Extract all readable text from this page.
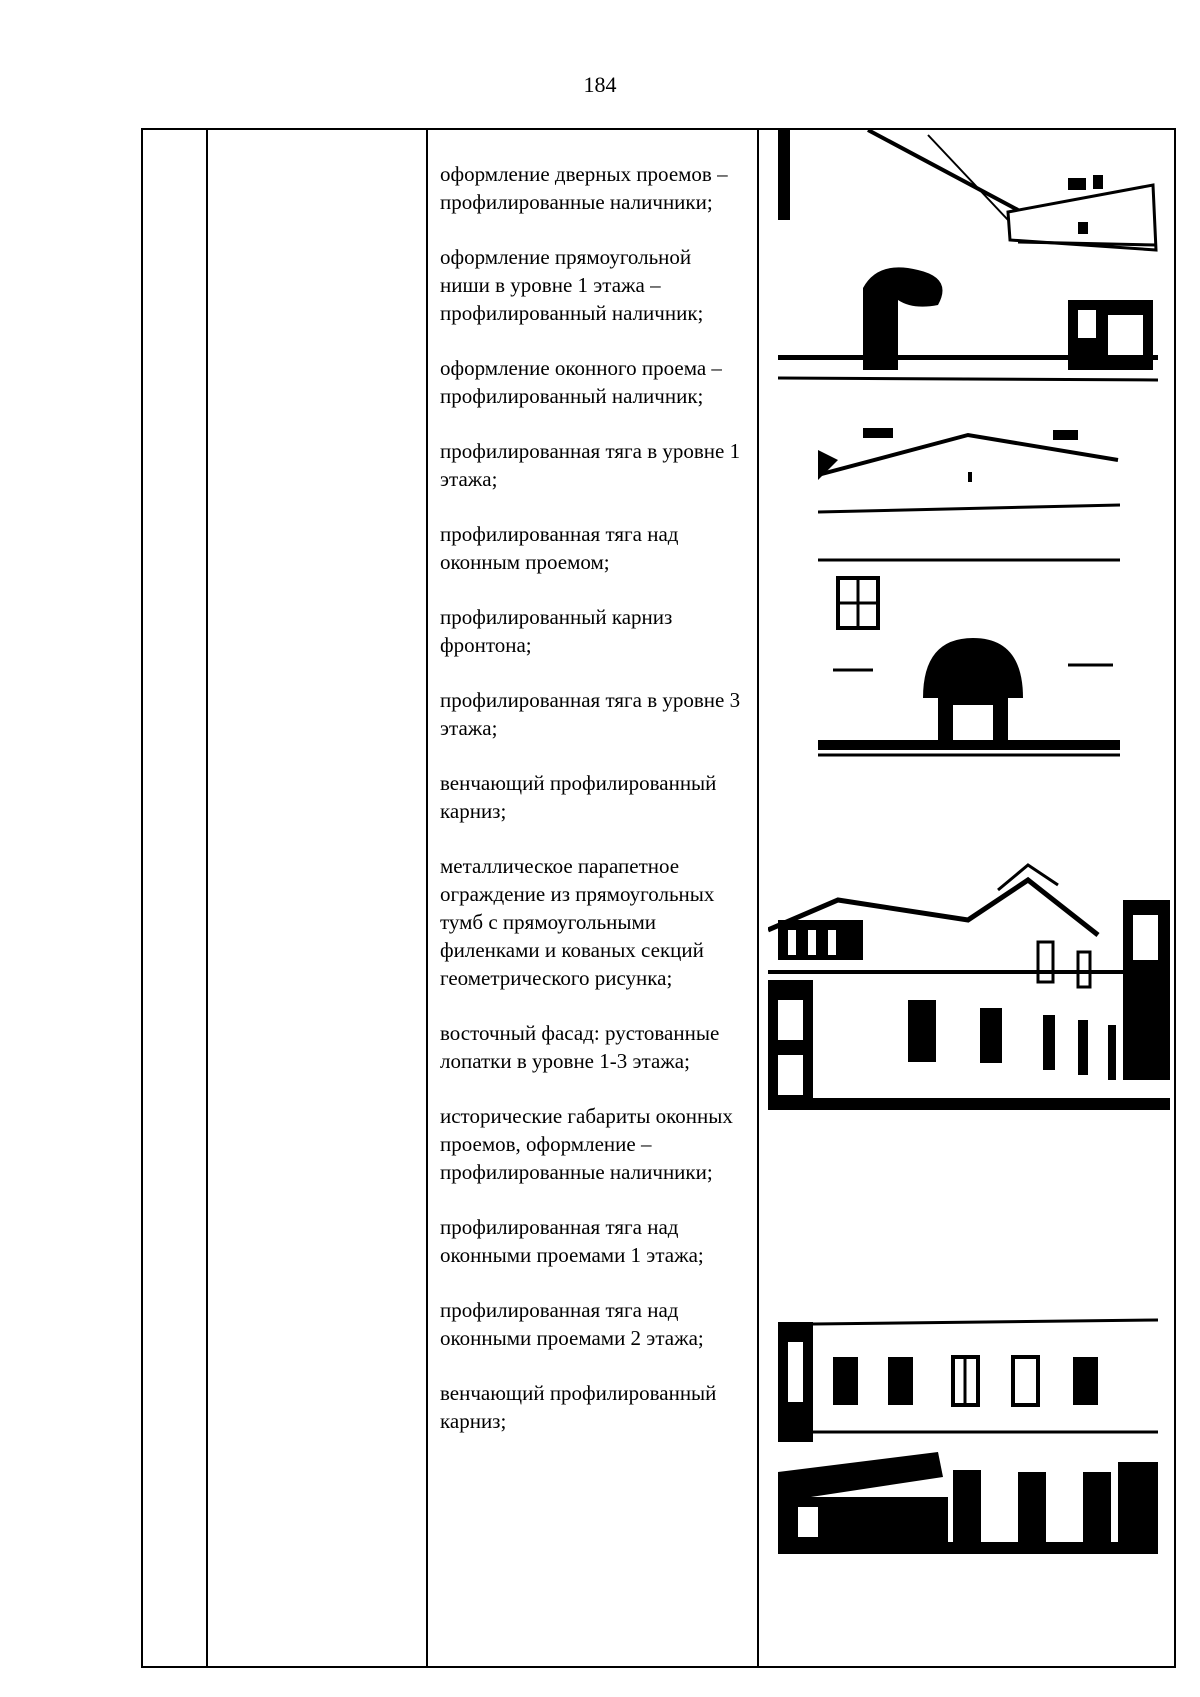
184
оформление дверных проемов – профилированные наличники;
оформление прямоугольной ниши в уровне 1 этажа – профилированный наличник;
оформление оконного проема – профилированный наличник;
профилированная тяга в уровне 1 этажа;
профилированная тяга над оконным проемом;
профилированный карниз фронтона;
профилированная тяга в уровне 3 этажа;
венчающий профилированный карниз;
металлическое парапетное ограждение из прямоугольных тумб с прямоугольными филенками и кованых секций геометрического рисунка;
восточный фасад: рустованные лопатки в уровне 1-3 этажа;
исторические габариты оконных проемов, оформление – профилированные наличники;
профилированная тяга над оконными проемами 1 этажа;
профилированная тяга над оконными проемами 2 этажа;
венчающий профилированный карниз;
